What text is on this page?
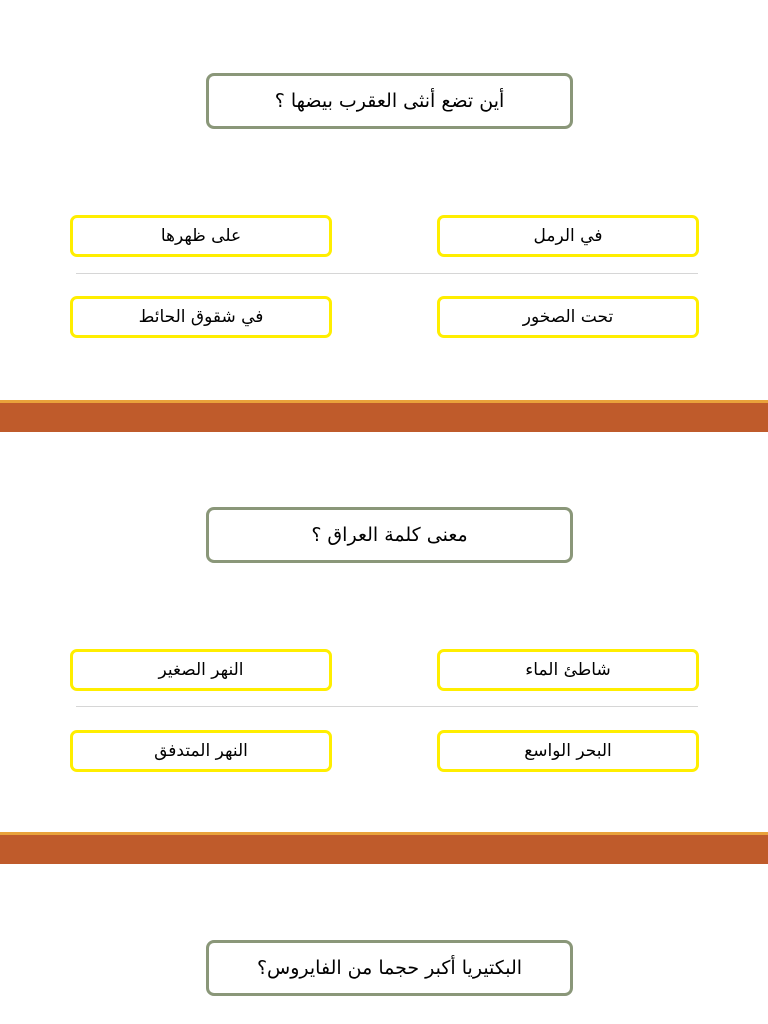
أين تضع أنثى العقرب بيضها ؟
في الرمل
على ظهرها
تحت الصخور
في شقوق الحائط
معنى كلمة العراق ؟
شاطئ الماء
النهر الصغير
البحر الواسع
النهر المتدفق
البكتيريا أكبر حجما من الفايروس؟
